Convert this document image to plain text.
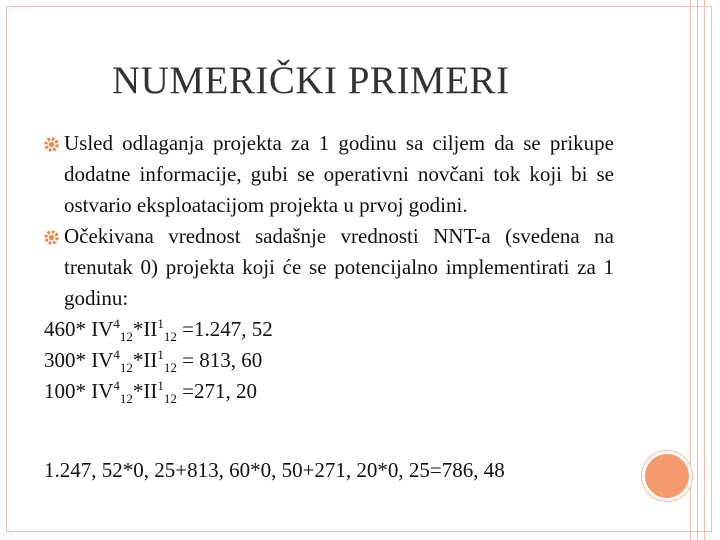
NUMERIČKI PRIMERI
Usled odlaganja projekta za 1 godinu sa ciljem da se prikupe dodatne informacije, gubi se operativni novčani tok koji bi se ostvario eksploatacijom projekta u prvoj godini.
Očekivana vrednost sadašnje vrednosti NNT-a (svedena na trenutak 0) projekta koji će se potencijalno implementirati za 1 godinu:
460* $IV^4_{12}*II^1_{12} =1.247$, 52
300* $IV^4_{12}*II^1_{12} = 813$, 60
100* $IV^4_{12}*II^1_{12} =271$, 20
1.247, 52*0, 25+813, 60*0, 50+271, 20*0, 25=786, 48
